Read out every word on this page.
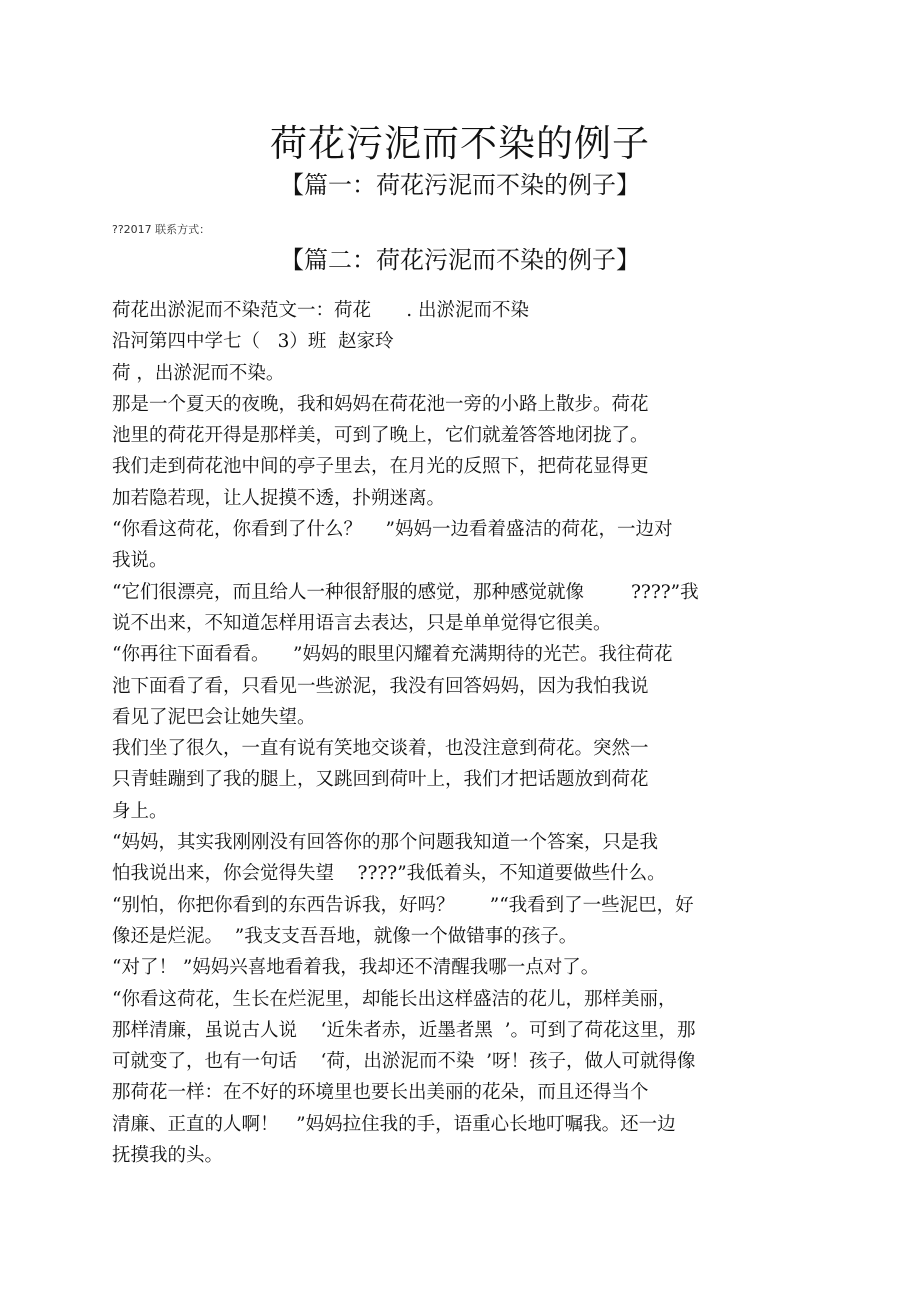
荷花污泥而不染的例子
【篇一：荷花污泥而不染的例子】
??2017 联系方式：
【篇二：荷花污泥而不染的例子】
荷花出淤泥而不染范文一：荷花      . 出淤泥而不染
沿河第四中学七（   3）班  赵家玲
荷 ，出淤泥而不染。
那是一个夏天的夜晚，我和妈妈在荷花池一旁的小路上散步。荷花
池里的荷花开得是那样美，可到了晚上，它们就羞答答地闭拢了。
我们走到荷花池中间的亭子里去，在月光的反照下，把荷花显得更
加若隐若现，让人捉摸不透，扑朔迷离。
“你看这荷花，你看到了什么？    ”妈妈一边看着盛洁的荷花，一边对
我说。
“它们很漂亮，而且给人一种很舒服的感觉，那种感觉就像        ????”我
说不出来，不知道怎样用语言去表达，只是单单觉得它很美。
“你再往下面看看。    ”妈妈的眼里闪耀着充满期待的光芒。我往荷花
池下面看了看，只看见一些淤泥，我没有回答妈妈，因为我怕我说
看见了泥巴会让她失望。
我们坐了很久，一直有说有笑地交谈着，也没注意到荷花。突然一
只青蛙蹦到了我的腿上，又跳回到荷叶上，我们才把话题放到荷花
身上。
“妈妈，其实我刚刚没有回答你的那个问题我知道一个答案，只是我
怕我说出来，你会觉得失望    ????”我低着头，不知道要做些什么。
“别怕，你把你看到的东西告诉我，好吗？      ”“我看到了一些泥巴，好
像还是烂泥。  ”我支支吾吾地，就像一个做错事的孩子。
“对了！ ”妈妈兴喜地看着我，我却还不清醒我哪一点对了。
“你看这荷花，生长在烂泥里，却能长出这样盛洁的花儿，那样美丽，
那样清廉，虽说古人说    ‘近朱者赤，近墨者黑  ’。可到了荷花这里，那
可就变了，也有一句话    ‘荷，出淤泥而不染  ’呀！孩子，做人可就得像
那荷花一样：在不好的环境里也要长出美丽的花朵，而且还得当个
清廉、正直的人啊！   ”妈妈拉住我的手，语重心长地叮嘱我。还一边
抚摸我的头。
